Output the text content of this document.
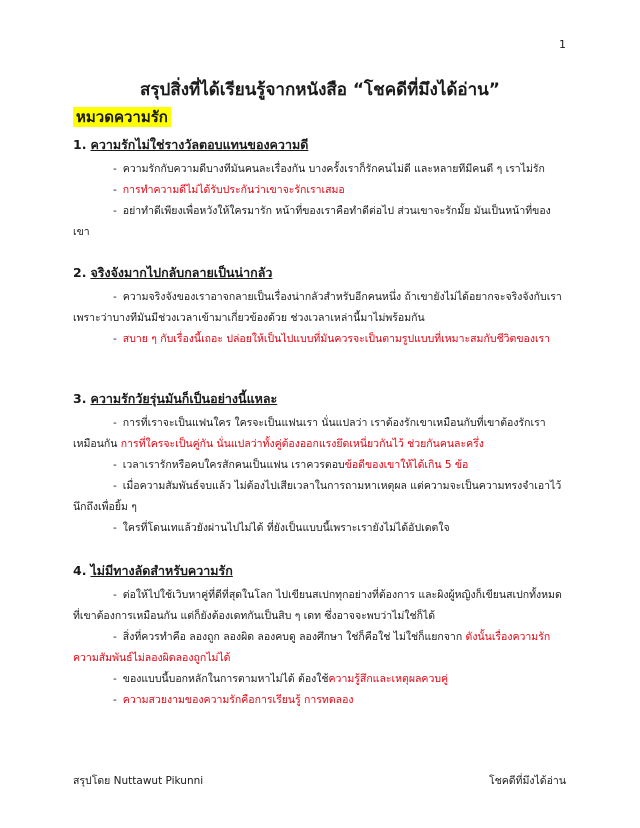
1
สรุปสิ่งที่ได้เรียนรู้จากหนังสือ “โชคดีที่มึงได้อ่าน”
หมวดความรัก
1. ความรักไม่ใช่รางวัลตอบแทนของความดี
- ความรักกับความดีบางทีมันคนละเรื่องกัน บางครั้งเราก็รักคนไม่ดี และหลายทีมีคนดี ๆ เราไม่รัก
- การทำความดีไม่ได้รับประกันว่าเขาจะรักเราเสมอ
- อย่าทำดีเพียงเพื่อหวังให้ใครมารัก หน้าที่ของเราคือทำดีต่อไป ส่วนเขาจะรักมั้ย มันเป็นหน้าที่ของเขา
2. จริงจังมากไปกลับกลายเป็นน่ากลัว
- ความจริงจังของเราอาจกลายเป็นเรื่องน่ากลัวสำหรับอีกคนหนึ่ง ถ้าเขายังไม่ได้อยากจะจริงจังกับเรา เพราะว่าบางทีมันมีช่วงเวลาเข้ามาเกี่ยวข้องด้วย ช่วงเวลาเหล่านี้มาไม่พร้อมกัน
- สบาย ๆ กับเรื่องนี้เถอะ ปล่อยให้เป็นไปแบบที่มันควรจะเป็นตามรูปแบบที่เหมาะสมกับชีวิตของเรา
3. ความรักวัยรุ่นมันก็เป็นอย่างนี้แหละ
- การที่เราจะเป็นแฟนใคร ใครจะเป็นแฟนเรา นั่นแปลว่า เราต้องรักเขาเหมือนกับที่เขาต้องรักเราเหมือนกัน การที่ใครจะเป็นคู่กัน นั่นแปลว่าทั้งคู่ต้องออกแรงยึดเหนี่ยวกันไว้ ช่วยกันคนละครึ่ง
- เวลาเรารักหรือคบใครสักคนเป็นแฟน เราควรตอบข้อดีของเขาให้ได้เกิน 5 ข้อ
- เมื่อความสัมพันธ์จบแล้ว ไม่ต้องไปเสียเวลาในการถามหาเหตุผล แต่ความจะเป็นความทรงจำเอาไว้นึกถึงเพื่อยิ้ม ๆ
- ใครที่โดนเทแล้วยังผ่านไปไม่ได้ ที่ยังเป็นแบบนี้เพราะเรายังไม่ได้อัปเดตใจ
4. ไม่มีทางลัดสำหรับความรัก
- ต่อให้ไปใช้เวิบหาคู่ที่ดีที่สุดในโลก ไปเขียนสเปกทุกอย่างที่ต้องการ และผิงผู้หญิงก็เขียนสเปกทั้งหมดที่เขาต้องการเหมือนกัน แต่ก็ยังต้องเดทกันเป็นสิบ ๆ เดท ซึ่งอาจจะพบว่าไม่ใช่ก็ได้
- สิ่งที่ควรทำคือ ลองถูก ลองผิด ลองคบดู ลองศึกษา ใช่ก็คือใช่ ไม่ใช่ก็แยกจาก ดังนั้นเรื่องความรักความสัมพันธ์ไม่ลองผิดลองถูกไม่ได้
- ของแบบนี้บอกหลักในการตามหาไม่ได้ ต้องใช้ความรู้สึกและเหตุผลควบคู่
- ความสวยงามของความรักคือการเรียนรู้ การทดลอง
สรุปโดย Nuttawut Pikunni	โชคดีที่มึงได้อ่าน
